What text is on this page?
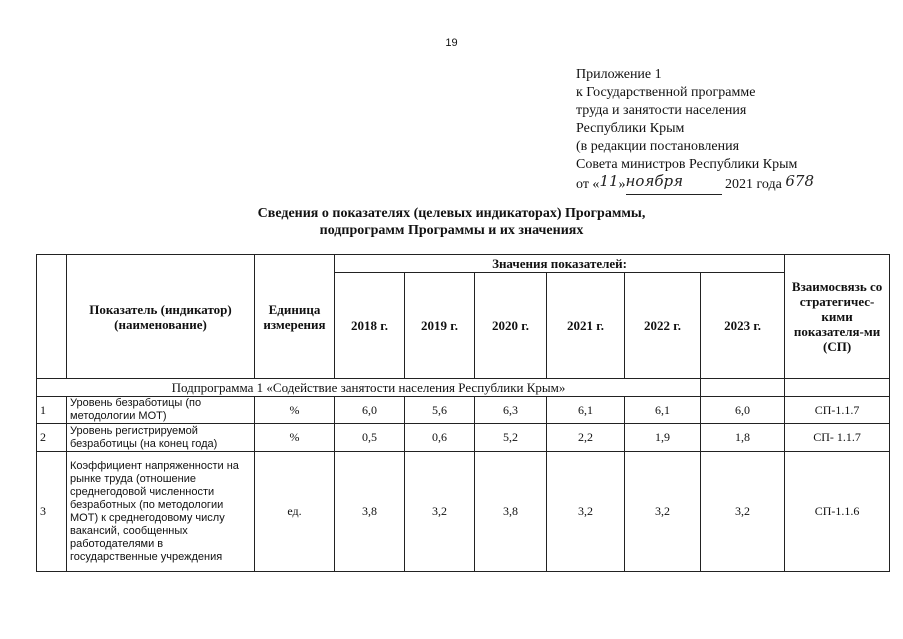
19
Приложение 1
к Государственной программе
труда и занятости населения
Республики Крым
(в редакции постановления
Совета министров Республики Крым
от «11»ноября	2021 года 678
Сведения о показателях (целевых индикаторах) Программы,
подпрограмм Программы и их значениях
	Показатель (индикатор) (наименование)	Единица измерения	Значения показателей:						Взаимосвязь со стратегичес-кими показателя-ми (СП)
			2018 г.	2019 г.	2020 г.	2021 г.	2022 г.	2023 г.	
Подпрограмма 1 «Содействие занятости населения Республики Крым»									
1	Уровень безработицы (по методологии МОТ)	%	6,0	5,6	6,3	6,1	6,1	6,0	СП-1.1.7
2	Уровень регистрируемой безработицы (на конец года)	%	0,5	0,6	5,2	2,2	1,9	1,8	СП- 1.1.7
3	Коэффициент напряженности на рынке труда (отношение среднегодовой численности безработных (по методологии МОТ) к среднегодовому числу вакансий, сообщенных работодателями в государственные учреждения	ед.	3,8	3,2	3,8	3,2	3,2	3,2	СП-1.1.6
